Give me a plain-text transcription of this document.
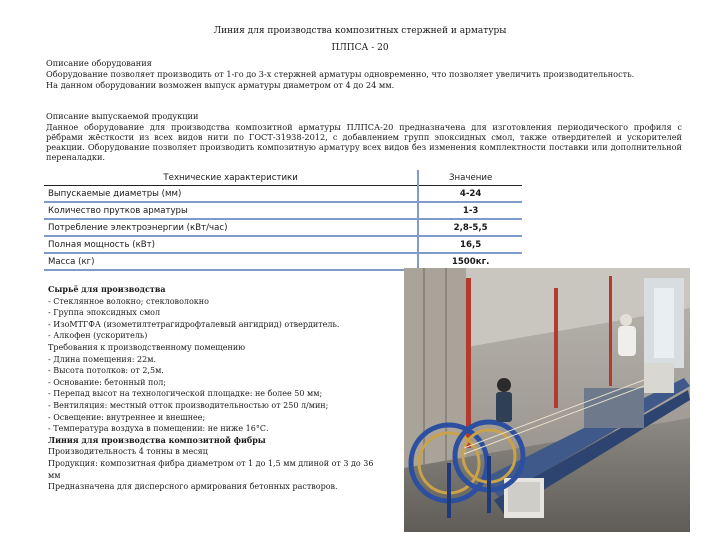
Линия для производства композитных стержней и арматуры
ПЛПСА - 20
Описание оборудования
Оборудование позволяет производить от 1-го до 3-х стержней арматуры одновременно, что позволяет увеличить производительность.
На данном оборудовании возможен выпуск арматуры диаметром от 4 до 24 мм.
Описание выпускаемой продукции
Данное оборудование для производства композитной арматуры ПЛПСА-20 предназначена для изготовления периодического профиля с рёбрами жёсткости из всех видов нити по ГОСТ-31938-2012, с добавлением групп эпоксидных смол, также отвердителей и ускорителей реакции. Оборудование позволяет производить композитную арматуру всех видов без изменения комплектности поставки или дополнительной переналадки.
Технические характеристики	Значение
Выпускаемые диаметры (мм)	4-24
Количество прутков арматуры	1-3
Потребление электроэнергии (кВт/час)	2,8-5,5
Полная мощность (кВт)	16,5
Масса (кг)	1500кг.
Сырьё для производства
- Стеклянное волокно; стекловолокно
- Группа эпоксидных смол
- ИзоМТГФА (изометилтетрагидрофталевый ангидрид) отвердитель.
- Алкофен (ускоритель)
Требования к производственному помещению
- Длина помещения: 22м.
- Высота потолков: от 2,5м.
- Основание: бетонный пол;
- Перепад высот на технологической площадке: не более 50 мм;
- Вентиляция: местный отток производительностью от 250 л/мин;
- Освещение: внутреннее и внешнее;
- Температура воздуха в помещении: не ниже 16°С.
Линия для производства композитной фибры
Производительность 4 тонны в месяц
Продукция: композитная фибра диаметром от 1 до 1,5 мм длиной от 3 до 36
мм
Предназначена для дисперсного армирования бетонных растворов.
